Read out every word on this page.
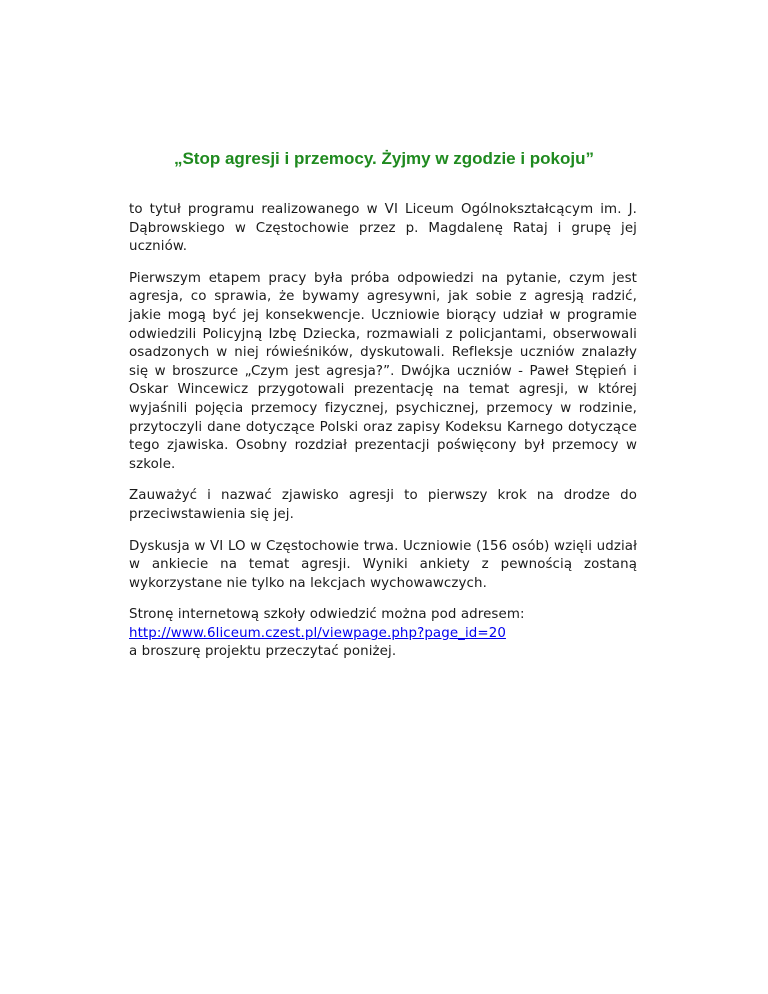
„Stop agresji i przemocy. Żyjmy w zgodzie i pokoju”

to tytuł programu realizowanego w VI Liceum Ogólnokształcącym im. J. Dąbrowskiego w Częstochowie przez p. Magdalenę Rataj i grupę jej uczniów.

Pierwszym etapem pracy była próba odpowiedzi na pytanie, czym jest agresja, co sprawia, że bywamy agresywni, jak sobie z agresją radzić, jakie mogą być jej konsekwencje. Uczniowie biorący udział w programie odwiedzili Policyjną Izbę Dziecka, rozmawiali z policjantami, obserwowali osadzonych w niej rówieśników, dyskutowali. Refleksje uczniów znalazły się w broszurce „Czym jest agresja?”. Dwójka uczniów - Paweł Stępień i Oskar Wincewicz przygotowali prezentację na temat agresji, w której wyjaśnili pojęcia przemocy fizycznej, psychicznej, przemocy w rodzinie, przytoczyli dane dotyczące Polski oraz zapisy Kodeksu Karnego dotyczące tego zjawiska. Osobny rozdział prezentacji poświęcony był przemocy w szkole.

Zauważyć i nazwać zjawisko agresji to pierwszy krok na drodze do przeciwstawienia się jej.

Dyskusja w VI LO w Częstochowie trwa. Uczniowie (156 osób) wzięli udział w ankiecie na temat agresji. Wyniki ankiety z pewnością zostaną wykorzystane nie tylko na lekcjach wychowawczych.

Stronę internetową szkoły odwiedzić można pod adresem:
http://www.6liceum.czest.pl/viewpage.php?page_id=20
a broszurę projektu przeczytać poniżej.
